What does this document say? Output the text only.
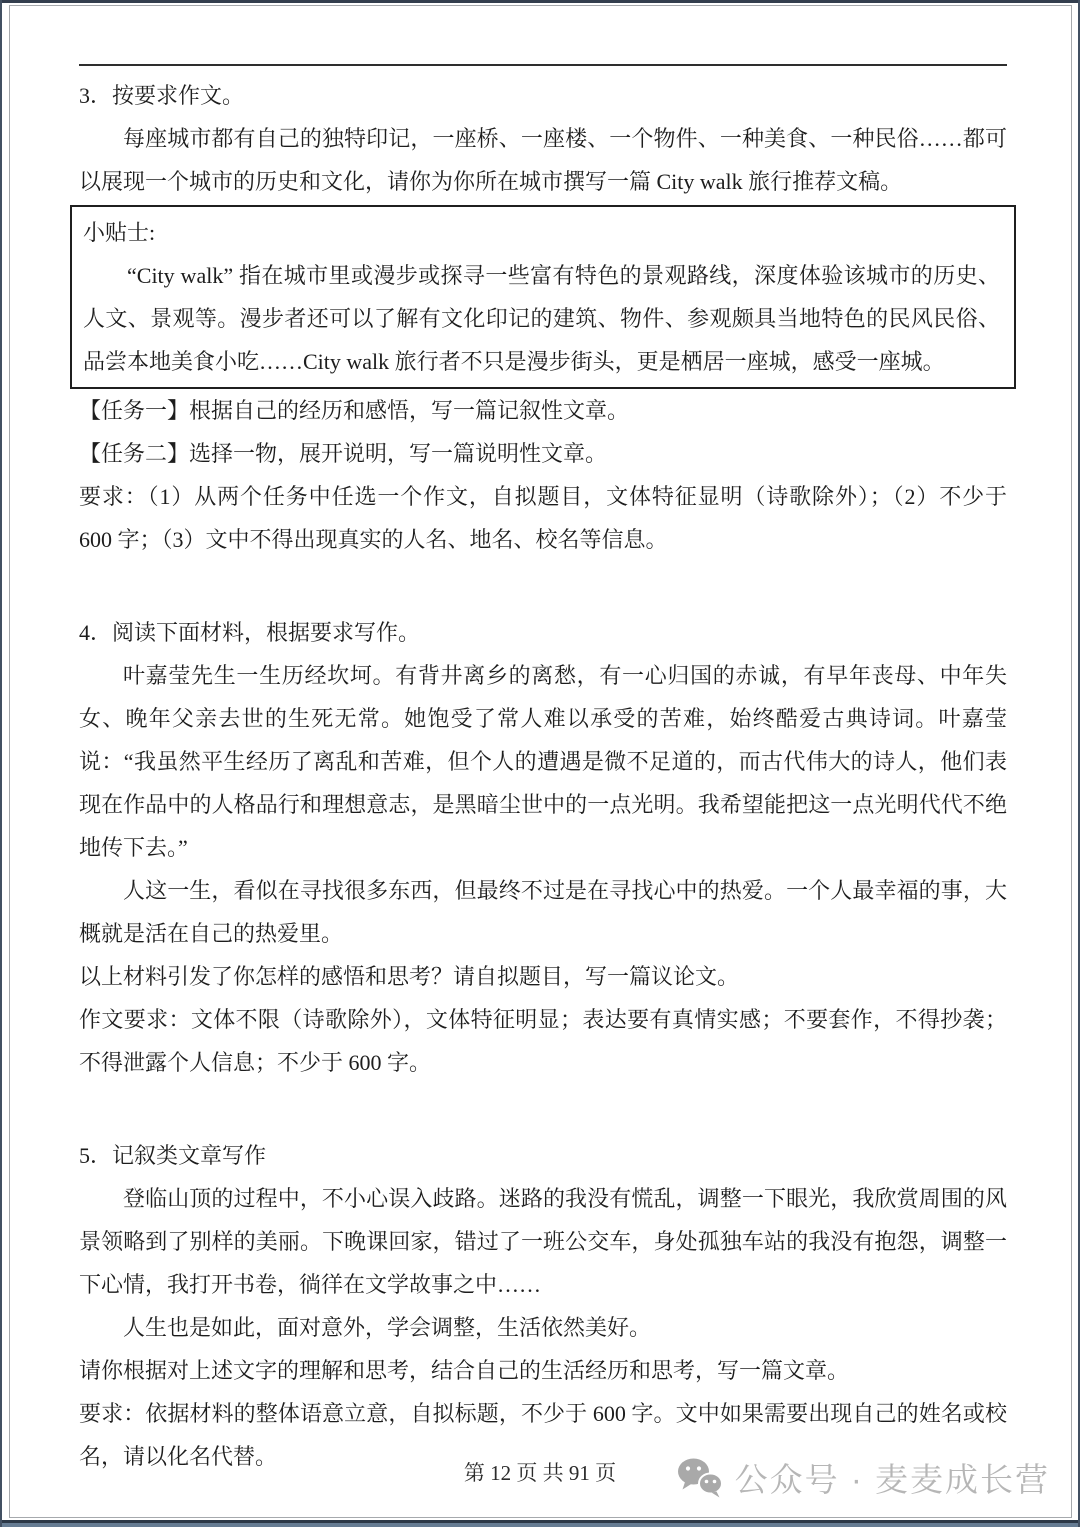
3．按要求作文。

每座城市都有自己的独特印记，一座桥、一座楼、一个物件、一种美食、一种民俗……都可以展现一个城市的历史和文化，请你为你所在城市撰写一篇 City walk 旅行推荐文稿。

小贴士:

“City walk” 指在城市里或漫步或探寻一些富有特色的景观路线，深度体验该城市的历史、人文、景观等。漫步者还可以了解有文化印记的建筑、物件、参观颇具当地特色的民风民俗、品尝本地美食小吃……City walk 旅行者不只是漫步街头，更是栖居一座城，感受一座城。

【任务一】根据自己的经历和感悟，写一篇记叙性文章。

【任务二】选择一物，展开说明，写一篇说明性文章。

要求：（1）从两个任务中任选一个作文，自拟题目，文体特征显明（诗歌除外）；（2）不少于 600 字；（3）文中不得出现真实的人名、地名、校名等信息。

4．阅读下面材料，根据要求写作。

叶嘉莹先生一生历经坎坷。有背井离乡的离愁，有一心归国的赤诚，有早年丧母、中年失女、晚年父亲去世的生死无常。她饱受了常人难以承受的苦难，始终酷爱古典诗词。叶嘉莹说：“我虽然平生经历了离乱和苦难，但个人的遭遇是微不足道的，而古代伟大的诗人，他们表现在作品中的人格品行和理想意志，是黑暗尘世中的一点光明。我希望能把这一点光明代代不绝地传下去。”

人这一生，看似在寻找很多东西，但最终不过是在寻找心中的热爱。一个人最幸福的事，大概就是活在自己的热爱里。

以上材料引发了你怎样的感悟和思考？请自拟题目，写一篇议论文。

作文要求：文体不限（诗歌除外），文体特征明显；表达要有真情实感；不要套作，不得抄袭；不得泄露个人信息；不少于 600 字。

5．记叙类文章写作

登临山顶的过程中，不小心误入歧路。迷路的我没有慌乱，调整一下眼光，我欣赏周围的风景领略到了别样的美丽。下晚课回家，错过了一班公交车，身处孤独车站的我没有抱怨，调整一下心情，我打开书卷，徜徉在文学故事之中……

人生也是如此，面对意外，学会调整，生活依然美好。

请你根据对上述文字的理解和思考，结合自己的生活经历和思考，写一篇文章。

要求：依据材料的整体语意立意，自拟标题，不少于 600 字。文中如果需要出现自己的姓名或校名，请以化名代替。

第 12 页 共 91 页	公众号 · 麦麦成长营
